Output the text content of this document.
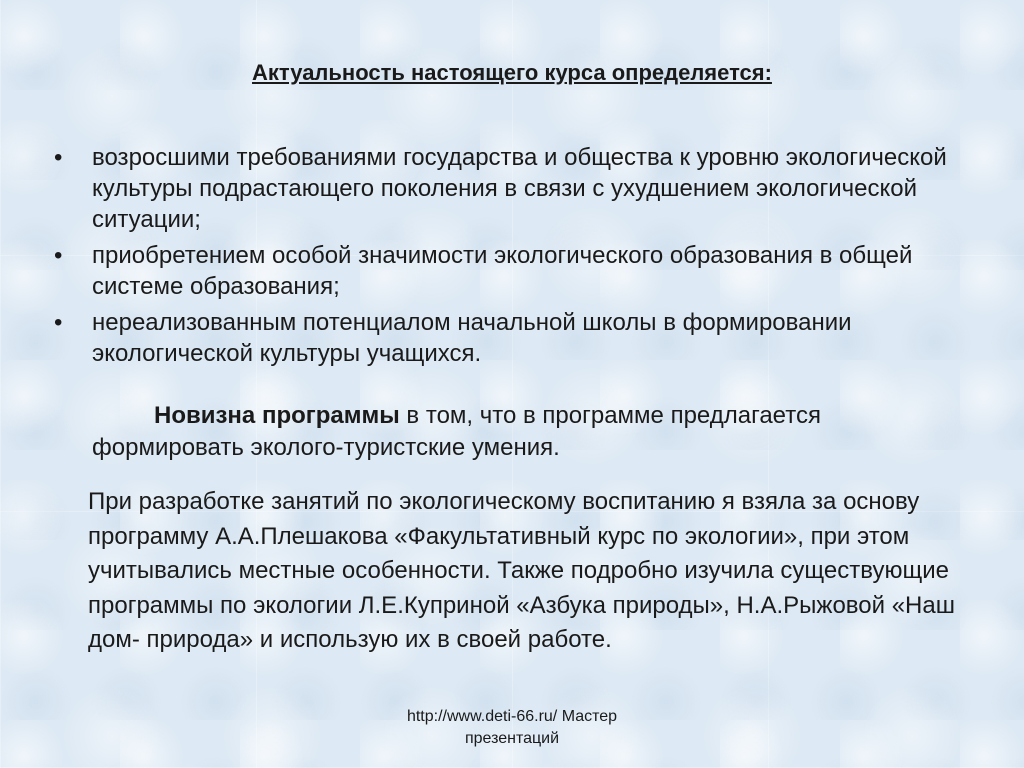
Актуальность настоящего курса определяется:
• возросшими требованиями государства и общества к уровню экологической культуры подрастающего поколения в связи с ухудшением экологической ситуации;
• приобретением особой значимости экологического образования в общей системе образования;
• нереализованным потенциалом начальной школы в формировании экологической культуры учащихся.

Новизна программы в том, что в программе предлагается формировать эколого-туристские умения.

При разработке занятий по экологическому воспитанию я взяла за основу программу А.А.Плешакова «Факультативный курс по экологии», при этом учитывались местные особенности. Также подробно изучила существующие программы по экологии Л.Е.Куприной «Азбука природы», Н.А.Рыжовой «Наш дом- природа» и использую их в своей работе.

http://www.deti-66.ru/ Мастер
презентаций
